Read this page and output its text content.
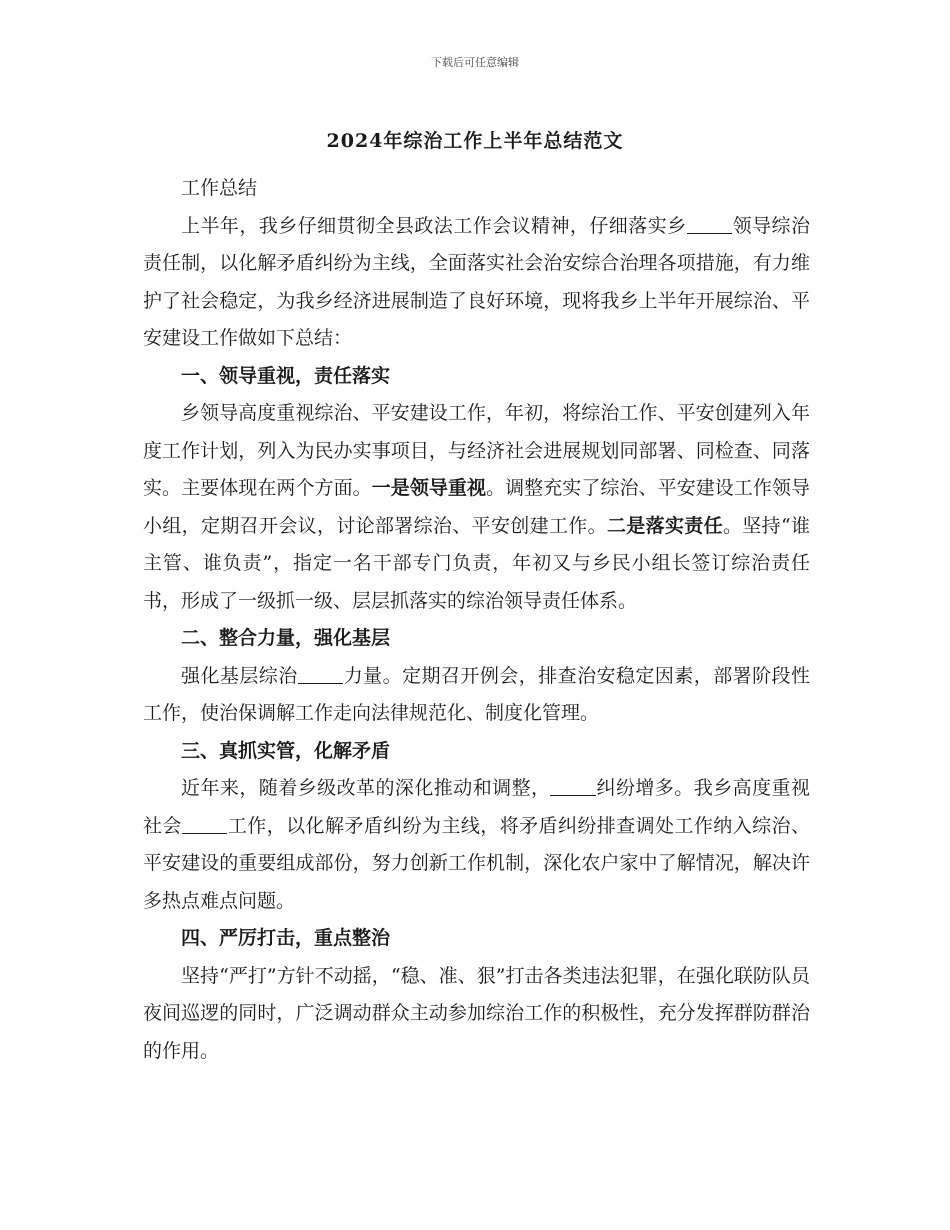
下载后可任意编辑
2024年综治工作上半年总结范文

工作总结

上半年，我乡仔细贯彻全县政法工作会议精神，仔细落实乡 领导综治责任制，以化解矛盾纠纷为主线，全面落实社会治安综合治理各项措施，有力维护了社会稳定，为我乡经济进展制造了良好环境，现将我乡上半年开展综治、平安建设工作做如下总结：

一、领导重视，责任落实

乡领导高度重视综治、平安建设工作，年初，将综治工作、平安创建列入年度工作计划，列入为民办实事项目，与经济社会进展规划同部署、同检查、同落实。主要体现在两个方面。一是领导重视。调整充实了综治、平安建设工作领导小组，定期召开会议，讨论部署综治、平安创建工作。二是落实责任。坚持“谁主管、谁负责”，指定一名干部专门负责，年初又与乡民小组长签订综治责任书，形成了一级抓一级、层层抓落实的综治领导责任体系。

二、整合力量，强化基层

强化基层综治 力量。定期召开例会，排查治安稳定因素，部署阶段性工作，使治保调解工作走向法律规范化、制度化管理。

三、真抓实管，化解矛盾

近年来，随着乡级改革的深化推动和调整， 纠纷增多。我乡高度重视社会 工作，以化解矛盾纠纷为主线，将矛盾纠纷排查调处工作纳入综治、平安建设的重要组成部份，努力创新工作机制，深化农户家中了解情况，解决许多热点难点问题。

四、严厉打击，重点整治

坚持“严打”方针不动摇，“稳、准、狠”打击各类违法犯罪，在强化联防队员夜间巡逻的同时，广泛调动群众主动参加综治工作的积极性，充分发挥群防群治的作用。
